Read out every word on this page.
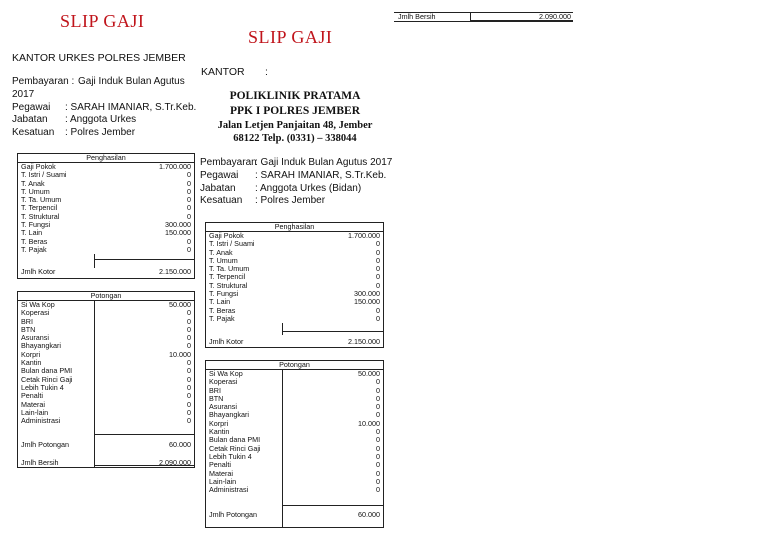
Jmlh Bersih	2.090.000
SLIP GAJI
KANTOR URKES POLRES JEMBER
Pembayaran : Gaji Induk Bulan Agutus
2017
Pegawai : SARAH IMANIAR, S.Tr.Keb.
Jabatan : Anggota Urkes
Kesatuan : Polres Jember
Penghasilan
Gaji Pokok	1.700.000
T. Istri / Suami	0
T. Anak	0
T. Umum	0
T. Ta. Umum	0
T. Terpencil	0
T. Struktural	0
T. Fungsi	300.000
T. Lain	150.000
T. Beras	0
T. Pajak	0
Jmlh Kotor	2.150.000
Potongan
Si Wa Kop	50.000
Koperasi	0
BRI	0
BTN	0
Asuransi	0
Bhayangkari	0
Korpri	10.000
Kantin	0
Bulan dana PMI	0
Cetak Rinci Gaji	0
Lebih Tukin 4	0
Penalti	0
Materai	0
Lain-lain	0
Administrasi	0
Jmlh Potongan	60.000
Jmlh Bersih	2.090.000
SLIP GAJI
KANTOR :
POLIKLINIK PRATAMA
PPK I POLRES JEMBER
Jalan Letjen Panjaitan 48, Jember
68122 Telp. (0331) – 338044
Pembayaran: Gaji Induk Bulan Agutus 2017
Pegawai : SARAH IMANIAR, S.Tr.Keb.
Jabatan : Anggota Urkes (Bidan)
Kesatuan : Polres Jember
Penghasilan
Gaji Pokok	1.700.000
T. Istri / Suami	0
T. Anak	0
T. Umum	0
T. Ta. Umum	0
T. Terpencil	0
T. Struktural	0
T. Fungsi	300.000
T. Lain	150.000
T. Beras	0
T. Pajak	0
Jmlh Kotor	2.150.000
Potongan
Si Wa Kop	50.000
Koperasi	0
BRI	0
BTN	0
Asuransi	0
Bhayangkari	0
Korpri	10.000
Kantin	0
Bulan dana PMI	0
Cetak Rinci Gaji	0
Lebih Tukin 4	0
Penalti	0
Materai	0
Lain-lain	0
Administrasi	0
Jmlh Potongan	60.000
